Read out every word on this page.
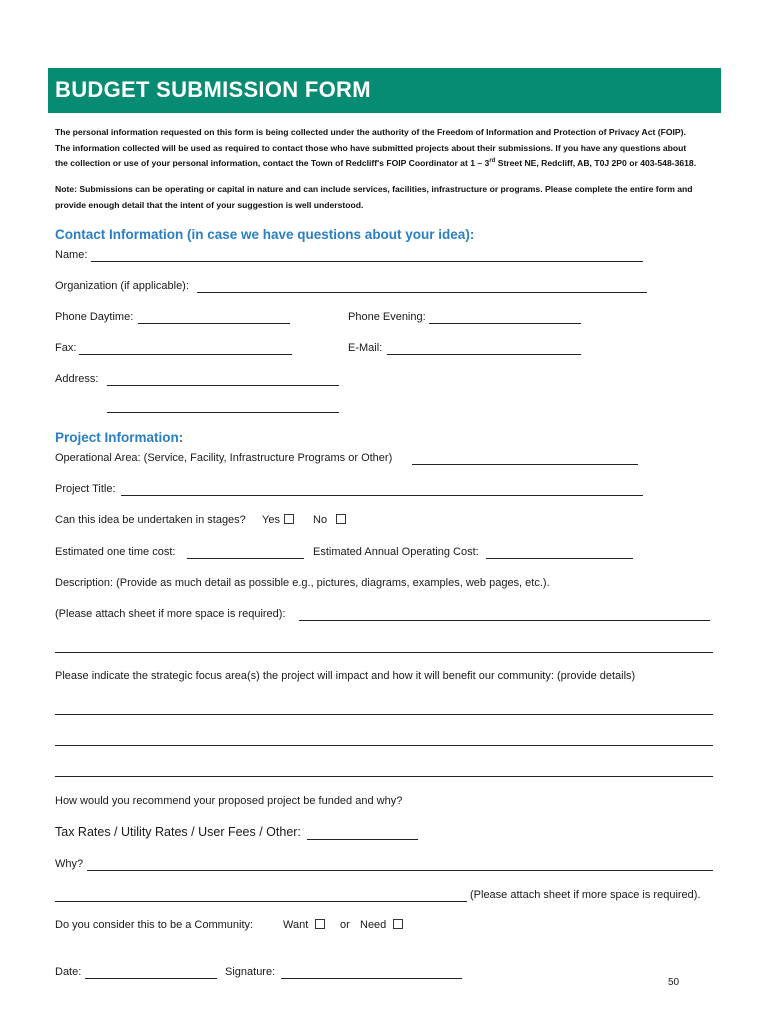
BUDGET SUBMISSION FORM
The personal information requested on this form is being collected under the authority of the Freedom of Information and Protection of Privacy Act (FOIP).
The information collected will be used as required to contact those who have submitted projects about their submissions. If you have any questions about
the collection or use of your personal information, contact the Town of Redcliff's FOIP Coordinator at 1 – 3rd Street NE, Redcliff, AB, T0J 2P0 or 403-548-3618.
Note: Submissions can be operating or capital in nature and can include services, facilities, infrastructure or programs. Please complete the entire form and
provide enough detail that the intent of your suggestion is well understood.
Contact Information (in case we have questions about your idea):
Name:
Organization (if applicable):
Phone Daytime:	Phone Evening:
Fax:	E-Mail:
Address:
Project Information:
Operational Area: (Service, Facility, Infrastructure Programs or Other)
Project Title:
Can this idea be undertaken in stages? Yes	No
Estimated one time cost:	Estimated Annual Operating Cost:
Description: (Provide as much detail as possible e.g., pictures, diagrams, examples, web pages, etc.).
(Please attach sheet if more space is required):
Please indicate the strategic focus area(s) the project will impact and how it will benefit our community: (provide details)
How would you recommend your proposed project be funded and why?
Tax Rates / Utility Rates / User Fees / Other:
Why?
(Please attach sheet if more space is required).
Do you consider this to be a Community:	Want	or Need
Date:	Signature:
50
